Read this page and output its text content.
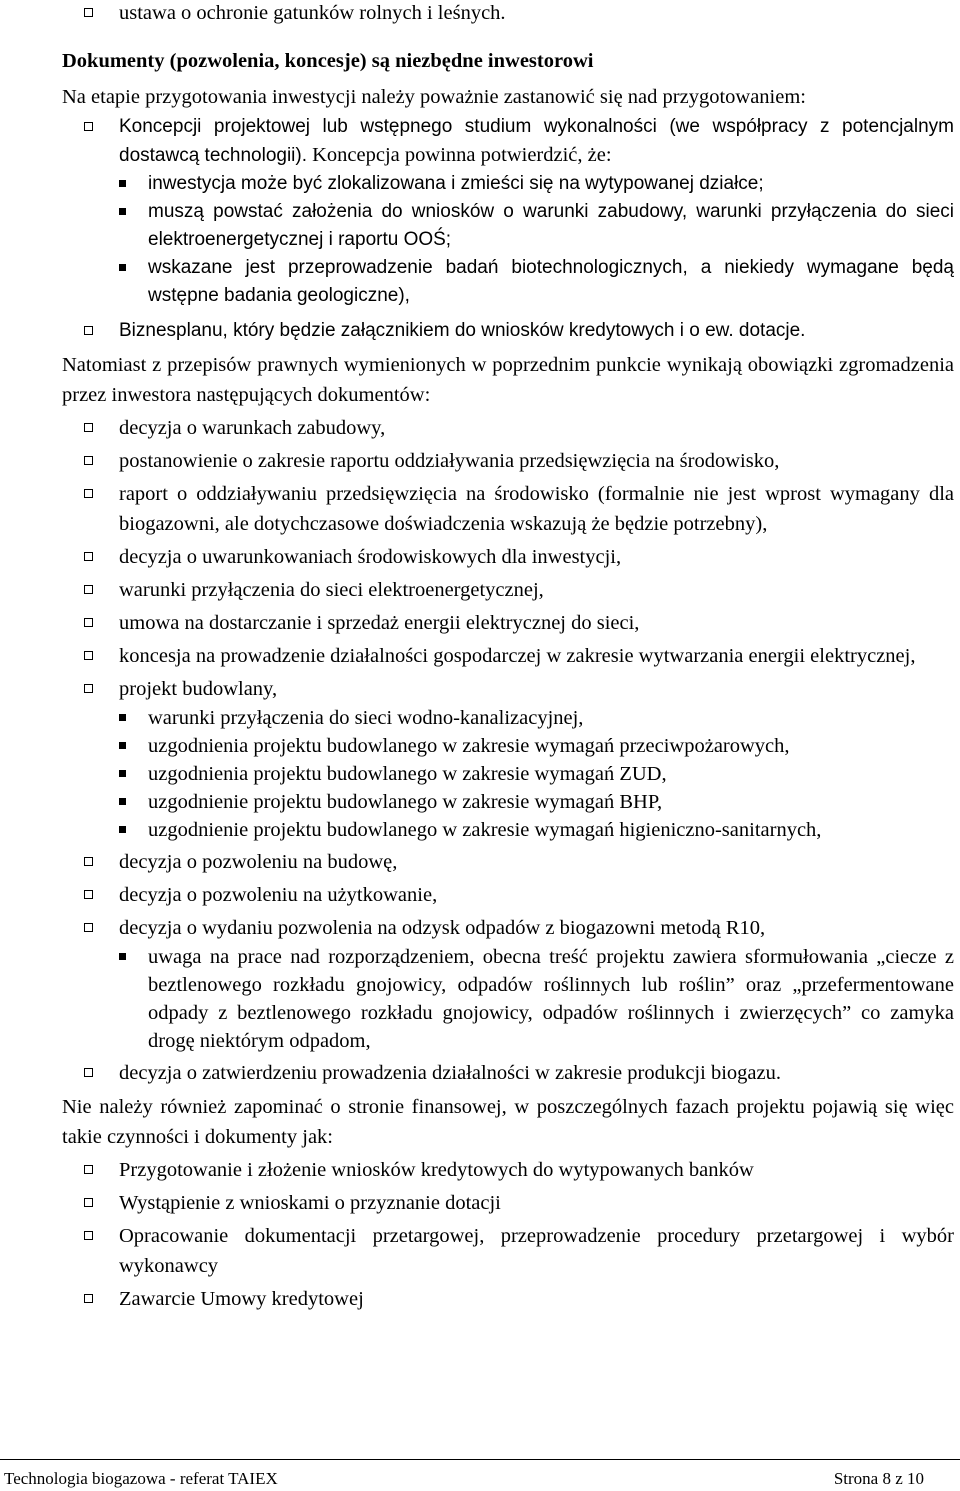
ustawa o ochronie gatunków rolnych i leśnych.
Dokumenty (pozwolenia, koncesje) są niezbędne inwestorowi

Na etapie przygotowania inwestycji należy poważnie zastanowić się nad przygotowaniem:

Koncepcji projektowej lub wstępnego studium wykonalności (we współpracy z potencjalnym dostawcą technologii). Koncepcja powinna potwierdzić, że:
inwestycja może być zlokalizowana i zmieści się na wytypowanej działce;
muszą powstać założenia do wniosków o warunki zabudowy, warunki przyłączenia do sieci elektroenergetycznej i raportu OOŚ;
wskazane jest przeprowadzenie badań biotechnologicznych, a niekiedy wymagane będą wstępne badania geologiczne),
Biznesplanu, który będzie załącznikiem do wniosków kredytowych i o ew. dotacje.

Natomiast z przepisów prawnych wymienionych w poprzednim punkcie wynikają obowiązki zgromadzenia przez inwestora następujących dokumentów:

decyzja o warunkach zabudowy,
postanowienie o zakresie raportu oddziaływania przedsięwzięcia na środowisko,
raport o oddziaływaniu przedsięwzięcia na środowisko (formalnie nie jest wprost wymagany dla biogazowni, ale dotychczasowe doświadczenia wskazują że będzie potrzebny),
decyzja o uwarunkowaniach środowiskowych dla inwestycji,
warunki przyłączenia do sieci elektroenergetycznej,
umowa na dostarczanie i sprzedaż energii elektrycznej do sieci,
koncesja na prowadzenie działalności gospodarczej w zakresie wytwarzania energii elektrycznej,
projekt budowlany,
warunki przyłączenia do sieci wodno-kanalizacyjnej,
uzgodnienia projektu budowlanego w zakresie wymagań przeciwpożarowych,
uzgodnienia projektu budowlanego w zakresie wymagań ZUD,
uzgodnienie projektu budowlanego w zakresie wymagań BHP,
uzgodnienie projektu budowlanego w zakresie wymagań higieniczno-sanitarnych,
decyzja o pozwoleniu na budowę,
decyzja o pozwoleniu na użytkowanie,
decyzja o wydaniu pozwolenia na odzysk odpadów z biogazowni metodą R10,
uwaga na prace nad rozporządzeniem, obecna treść projektu zawiera sformułowania „ciecze z beztlenowego rozkładu gnojowicy, odpadów roślinnych lub roślin” oraz „przefermentowane odpady z beztlenowego rozkładu gnojowicy, odpadów roślinnych i zwierzęcych” co zamyka drogę niektórym odpadom,
decyzja o zatwierdzeniu prowadzenia działalności w zakresie produkcji biogazu.

Nie należy również zapominać o stronie finansowej, w poszczególnych fazach projektu pojawią się więc takie czynności i dokumenty jak:

Przygotowanie i złożenie wniosków kredytowych do wytypowanych banków
Wystąpienie z wnioskami o przyznanie dotacji
Opracowanie dokumentacji przetargowej, przeprowadzenie procedury przetargowej i wybór wykonawcy
Zawarcie Umowy kredytowej
Technologia biogazowa - referat TAIEX	Strona 8 z 10
